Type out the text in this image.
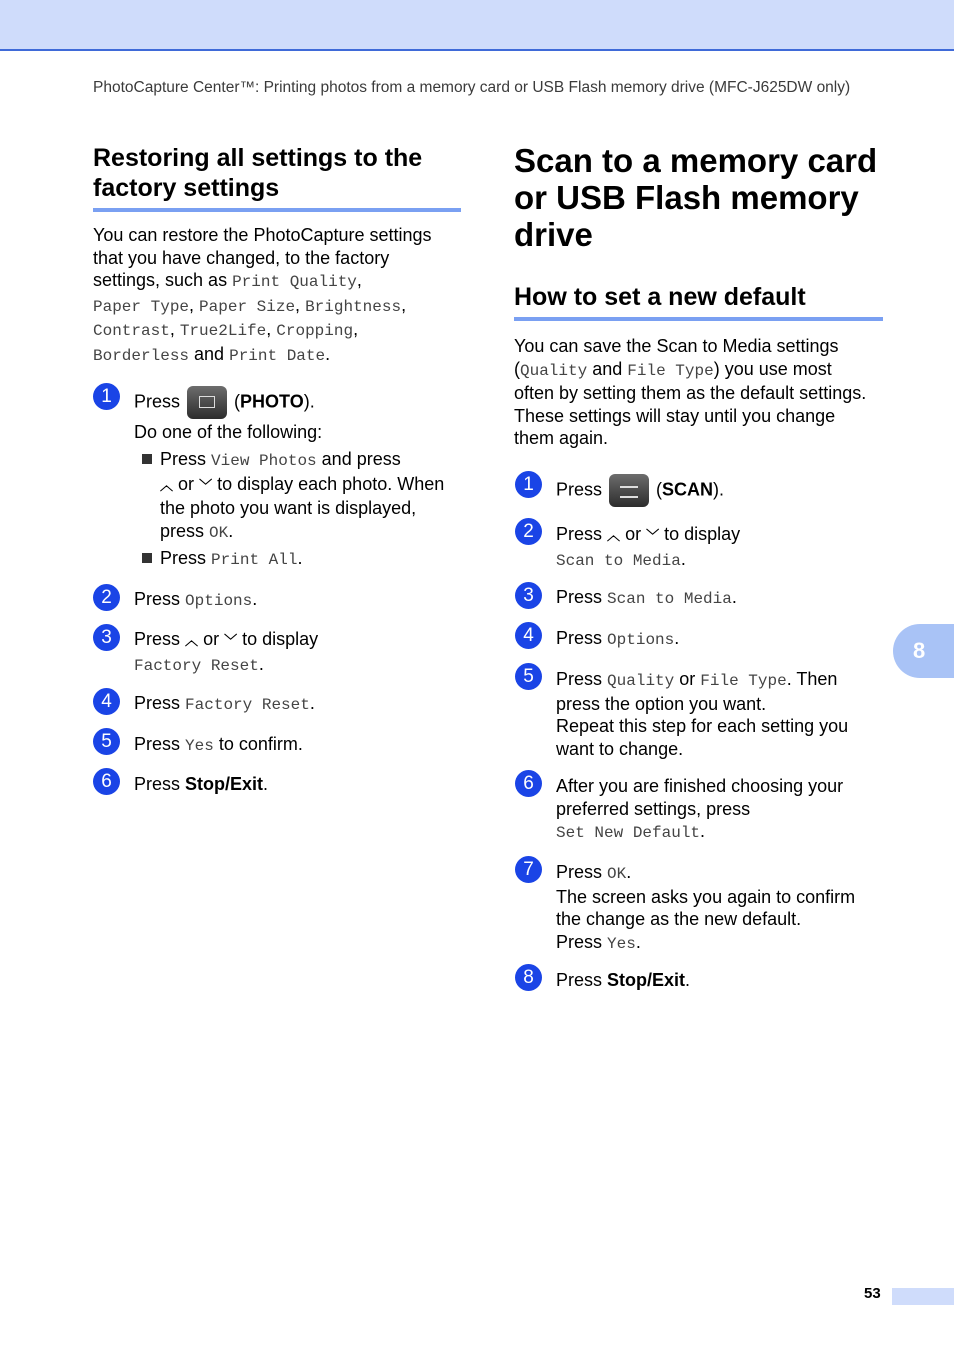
PhotoCapture Center™: Printing photos from a memory card or USB Flash memory drive (MFC-J625DW only)
Restoring all settings to the
factory settings
You can restore the PhotoCapture settings
that you have changed, to the factory
settings, such as Print Quality,
Paper Type, Paper Size, Brightness,
Contrast, True2Life, Cropping,
Borderless and Print Date.
1	Press	(PHOTO).
Do one of the following:
Press View Photos and press
︿ or ﹀ to display each photo. When
the photo you want is displayed,
press OK.
Press Print All.
2	Press Options.
3	Press ︿ or ﹀ to display
Factory Reset.
4	Press Factory Reset.
5	Press Yes to confirm.
6	Press Stop/Exit.
Scan to a memory card
or USB Flash memory
drive
How to set a new default
You can save the Scan to Media settings
(Quality and File Type) you use most
often by setting them as the default settings.
These settings will stay until you change
them again.
1	Press	(SCAN).
2	Press ︿ or ﹀ to display
Scan to Media.
3	Press Scan to Media.
4	Press Options.
5	Press Quality or File Type. Then
press the option you want.
Repeat this step for each setting you
want to change.
6	After you are finished choosing your
preferred settings, press
Set New Default.
7	Press OK.
The screen asks you again to confirm
the change as the new default.
Press Yes.
8	Press Stop/Exit.
8
53
